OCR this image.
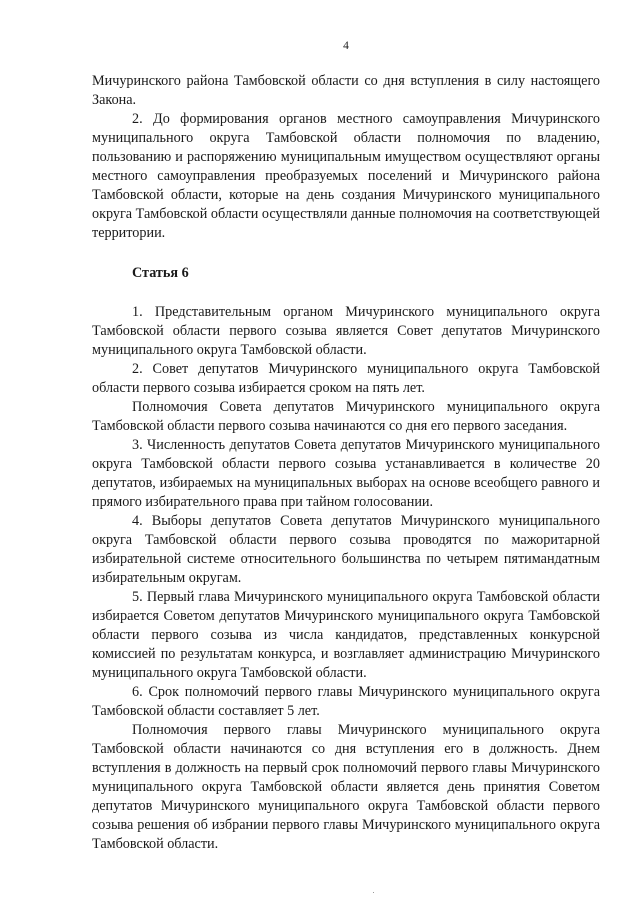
4

Мичуринского района Тамбовской области со дня вступления в силу настоящего Закона.

2. До формирования органов местного самоуправления Мичуринского муниципального округа Тамбовской области полномочия по владению, пользованию и распоряжению муниципальным имуществом осуществляют органы местного самоуправления преобразуемых поселений и Мичуринского района Тамбовской области, которые на день создания Мичуринского муниципального округа Тамбовской области осуществляли данные полномочия на соответствующей территории.

Статья 6

1. Представительным органом Мичуринского муниципального округа Тамбовской области первого созыва является Совет депутатов Мичуринского муниципального округа Тамбовской области.

2. Совет депутатов Мичуринского муниципального округа Тамбовской области первого созыва избирается сроком на пять лет.

Полномочия Совета депутатов Мичуринского муниципального округа Тамбовской области первого созыва начинаются со дня его первого заседания.

3. Численность депутатов Совета депутатов Мичуринского муниципального округа Тамбовской области первого созыва устанавливается в количестве 20 депутатов, избираемых на муниципальных выборах на основе всеобщего равного и прямого избирательного права при тайном голосовании.

4. Выборы депутатов Совета депутатов Мичуринского муниципального округа Тамбовской области первого созыва проводятся по мажоритарной избирательной системе относительного большинства по четырем пятимандатным избирательным округам.

5. Первый глава Мичуринского муниципального округа Тамбовской области избирается Советом депутатов Мичуринского муниципального округа Тамбовской области первого созыва из числа кандидатов, представленных конкурсной комиссией по результатам конкурса, и возглавляет администрацию Мичуринского муниципального округа Тамбовской области.

6. Срок полномочий первого главы Мичуринского муниципального округа Тамбовской области составляет 5 лет.

Полномочия первого главы Мичуринского муниципального округа Тамбовской области начинаются со дня вступления его в должность. Днем вступления в должность на первый срок полномочий первого главы Мичуринского муниципального округа Тамбовской области является день принятия Советом депутатов Мичуринского муниципального округа Тамбовской области первого созыва решения об избрании первого главы Мичуринского муниципального округа Тамбовской области.
